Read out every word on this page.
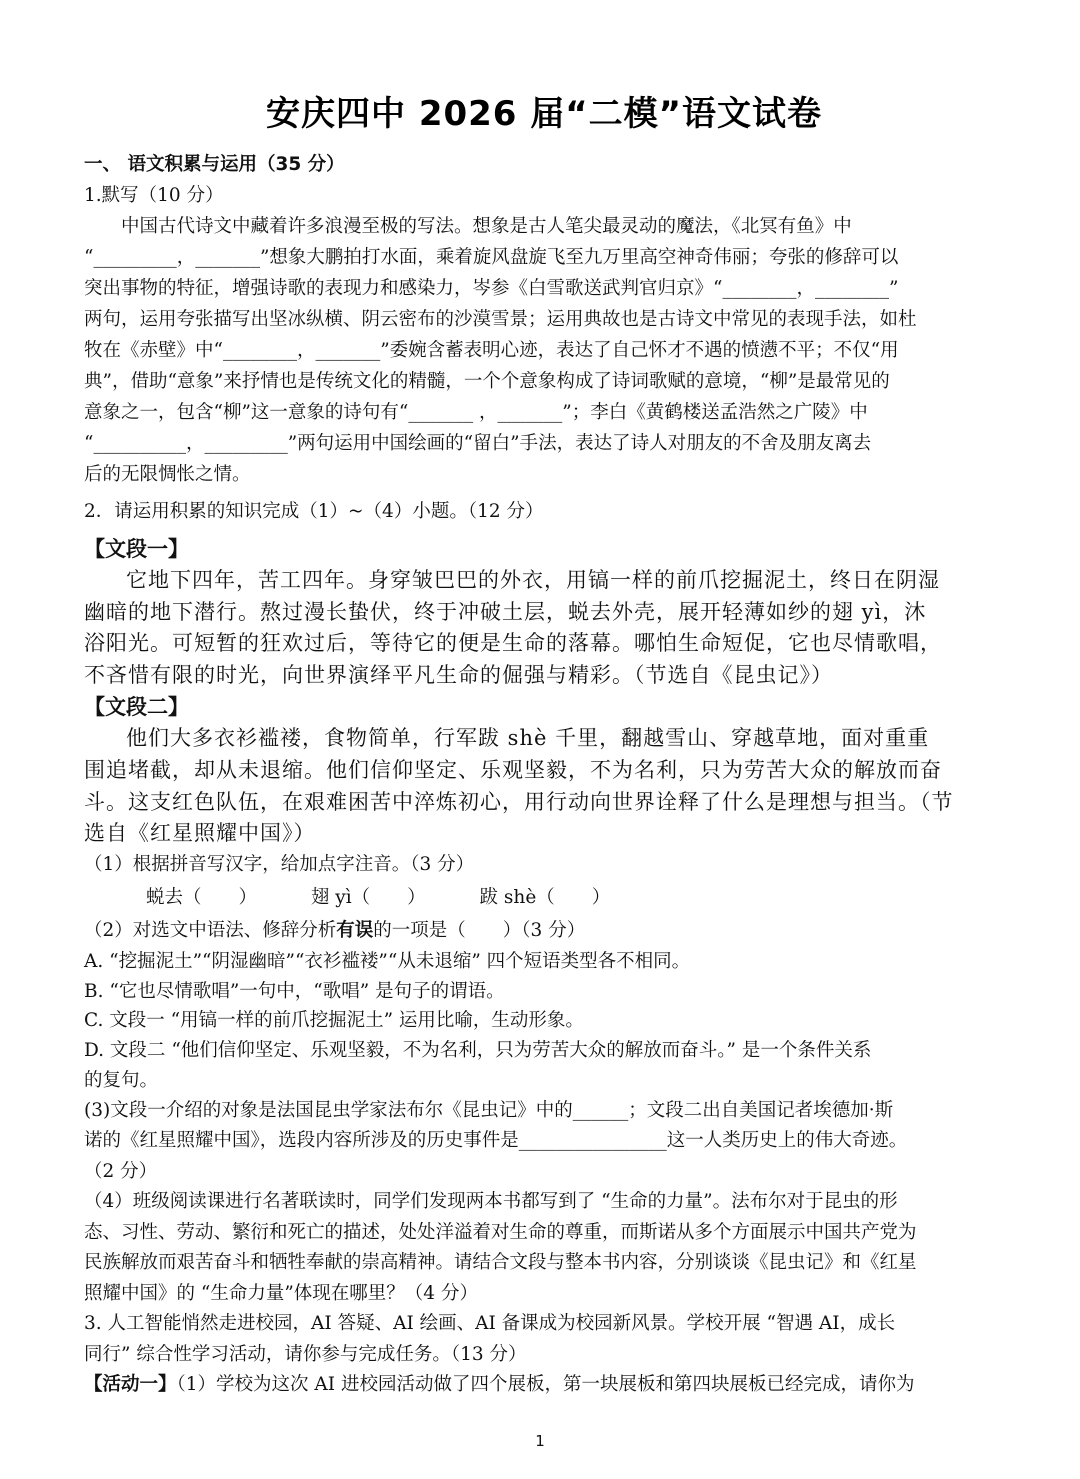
安庆四中 2026 届“二模”语文试卷
一、 语文积累与运用（35 分）
1.默写（10 分）
中国古代诗文中藏着许多浪漫至极的写法。想象是古人笔尖最灵动的魔法，《北冥有鱼》中
“_________，_______”想象大鹏拍打水面，乘着旋风盘旋飞至九万里高空神奇伟丽；夸张的修辞可以
突出事物的特征，增强诗歌的表现力和感染力，岑参《白雪歌送武判官归京》“________，________”
两句，运用夸张描写出坚冰纵横、阴云密布的沙漠雪景；运用典故也是古诗文中常见的表现手法，如杜
牧在《赤壁》中“________，_______”委婉含蓄表明心迹，表达了自己怀才不遇的愤懑不平；不仅“用
典”，借助“意象”来抒情也是传统文化的精髓，一个个意象构成了诗词歌赋的意境，“柳”是最常见的
意象之一，包含“柳”这一意象的诗句有“_______ ，_______”；李白《黄鹤楼送孟浩然之广陵》中
“__________，_________”两句运用中国绘画的“留白”手法，表达了诗人对朋友的不舍及朋友离去
后的无限惆怅之情。
2．请运用积累的知识完成（1）~（4）小题。（12 分）
【文段一】
它地下四年，苦工四年。身穿皱巴巴的外衣，用镐一样的前爪挖掘泥土，终日在阴湿
幽暗的地下潜行。熬过漫长蛰伏，终于冲破土层，蜕去外壳，展开轻薄如纱的翅 yì，沐
浴阳光。可短暂的狂欢过后，等待它的便是生命的落幕。哪怕生命短促，它也尽情歌唱，
不吝惜有限的时光，向世界演绎平凡生命的倔强与精彩。（节选自《昆虫记》）
【文段二】
他们大多衣衫褴褛，食物简单，行军跋 shè 千里，翻越雪山、穿越草地，面对重重
围追堵截，却从未退缩。他们信仰坚定、乐观坚毅，不为名利，只为劳苦大众的解放而奋
斗。这支红色队伍，在艰难困苦中淬炼初心，用行动向世界诠释了什么是理想与担当。（节
选自《红星照耀中国》）
（1）根据拼音写汉字，给加点字注音。（3 分）
蜕去（　　）	翅 yì（　　）	跋 shè（　　）
（2）对选文中语法、修辞分析有误的一项是（　　）（3 分）
A. “挖掘泥土”“阴湿幽暗”“衣衫褴褛”“从未退缩” 四个短语类型各不相同。
B. “它也尽情歌唱”一句中，“歌唱” 是句子的谓语。
C. 文段一 “用镐一样的前爪挖掘泥土” 运用比喻，生动形象。
D. 文段二 “他们信仰坚定、乐观坚毅，不为名利，只为劳苦大众的解放而奋斗。” 是一个条件关系
的复句。
(3)文段一介绍的对象是法国昆虫学家法布尔《昆虫记》中的______；文段二出自美国记者埃德加·斯
诺的《红星照耀中国》，选段内容所涉及的历史事件是________________这一人类历史上的伟大奇迹。
（2 分）
（4）班级阅读课进行名著联读时，同学们发现两本书都写到了 “生命的力量”。法布尔对于昆虫的形
态、习性、劳动、繁衍和死亡的描述，处处洋溢着对生命的尊重，而斯诺从多个方面展示中国共产党为
民族解放而艰苦奋斗和牺牲奉献的崇高精神。请结合文段与整本书内容，分别谈谈《昆虫记》和《红星
照耀中国》的 “生命力量”体现在哪里？（4 分）
3. 人工智能悄然走进校园，AI 答疑、AI 绘画、AI 备课成为校园新风景。学校开展 “智遇 AI，成长
同行” 综合性学习活动，请你参与完成任务。（13 分）
【活动一】（1）学校为这次 AI 进校园活动做了四个展板，第一块展板和第四块展板已经完成，请你为
1
